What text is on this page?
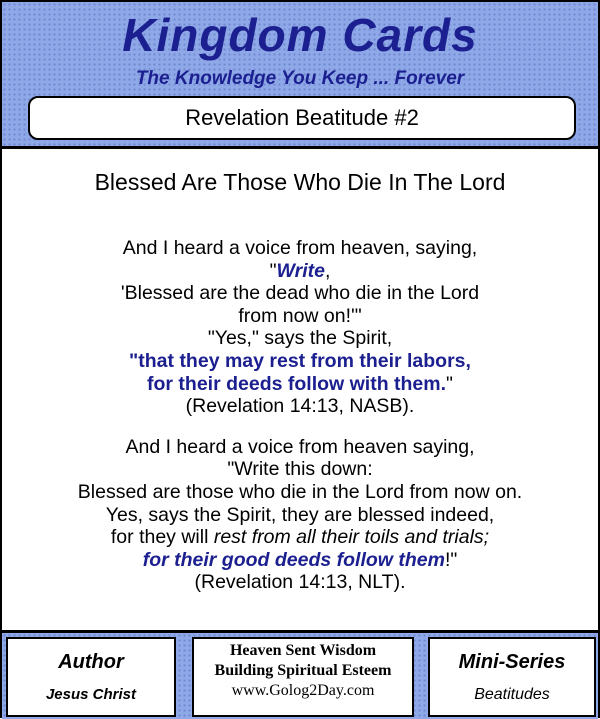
Kingdom Cards
The Knowledge You Keep ... Forever
Revelation Beatitude #2
Blessed Are Those Who Die In The Lord
And I heard a voice from heaven, saying,
"Write,
'Blessed are the dead who die in the Lord
from now on!'"
"Yes," says the Spirit,
"that they may rest from their labors,
for their deeds follow with them."
(Revelation 14:13, NASB).
And I heard a voice from heaven saying,
"Write this down:
Blessed are those who die in the Lord from now on.
Yes, says the Spirit, they are blessed indeed,
for they will rest from all their toils and trials;
for their good deeds follow them!"
(Revelation 14:13, NLT).
Author
Jesus Christ
Heaven Sent Wisdom
Building Spiritual Esteem
www.Golog2Day.com
Mini-Series
Beatitudes
